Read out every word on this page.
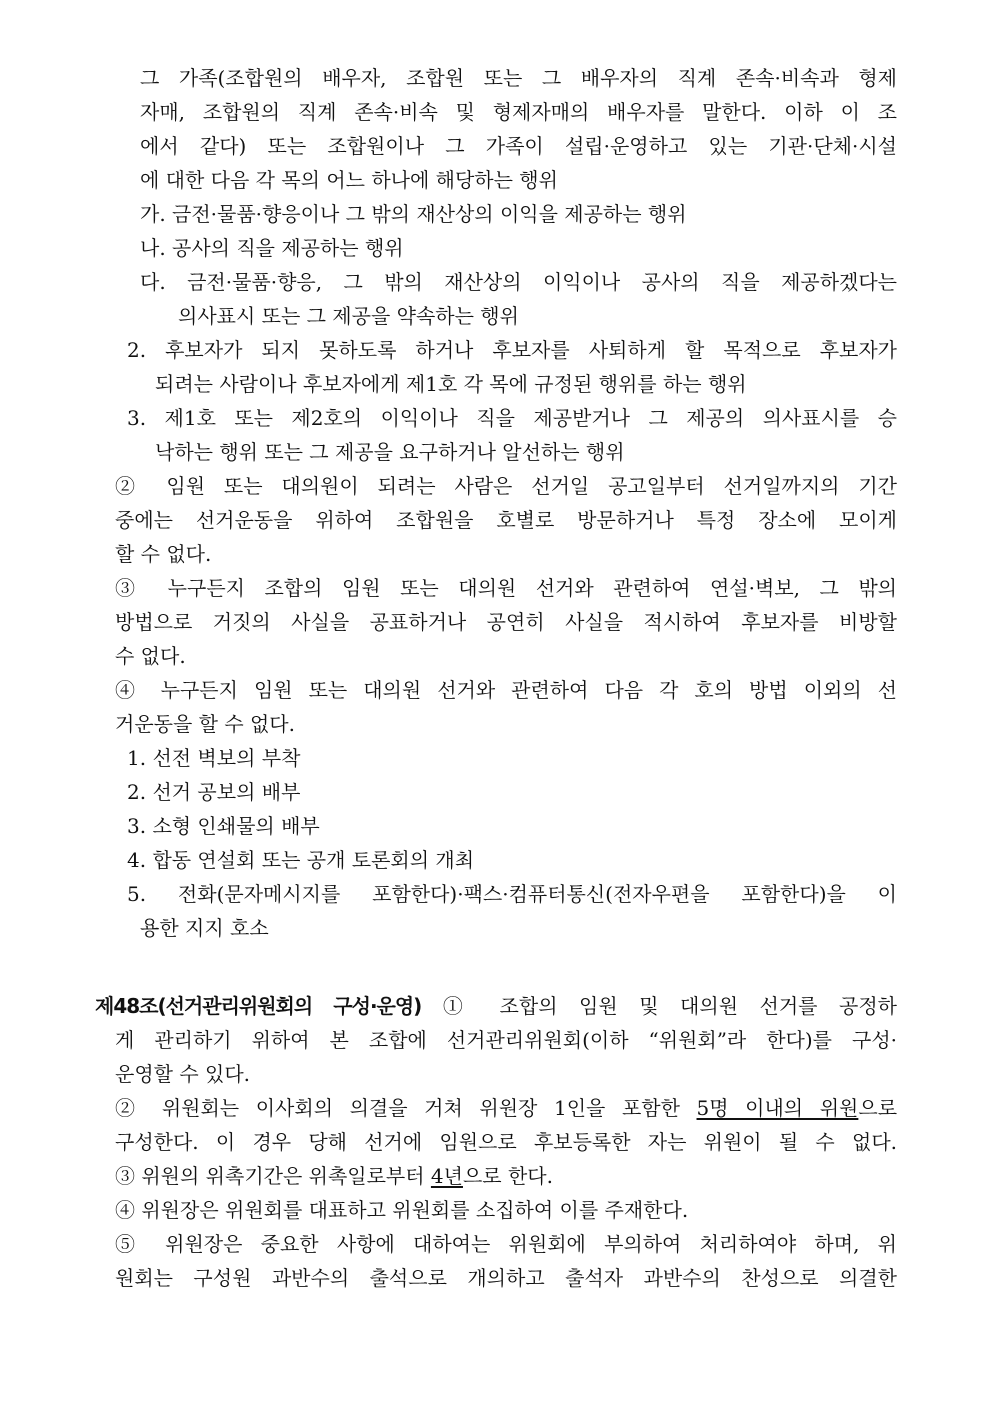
그 가족(조합원의 배우자, 조합원 또는 그 배우자의 직계 존속·비속과 형제
자매, 조합원의 직계 존속·비속 및 형제자매의 배우자를 말한다. 이하 이 조
에서 같다) 또는 조합원이나 그 가족이 설립·운영하고 있는 기관·단체·시설
에 대한 다음 각 목의 어느 하나에 해당하는 행위
가. 금전·물품·향응이나 그 밖의 재산상의 이익을 제공하는 행위
나. 공사의 직을 제공하는 행위
다. 금전·물품·향응, 그 밖의 재산상의 이익이나 공사의 직을 제공하겠다는
의사표시 또는 그 제공을 약속하는 행위
2. 후보자가 되지 못하도록 하거나 후보자를 사퇴하게 할 목적으로 후보자가
되려는 사람이나 후보자에게 제1호 각 목에 규정된 행위를 하는 행위
3. 제1호 또는 제2호의 이익이나 직을 제공받거나 그 제공의 의사표시를 승
낙하는 행위 또는 그 제공을 요구하거나 알선하는 행위
② 임원 또는 대의원이 되려는 사람은 선거일 공고일부터 선거일까지의 기간
중에는 선거운동을 위하여 조합원을 호별로 방문하거나 특정 장소에 모이게
할 수 없다.
③ 누구든지 조합의 임원 또는 대의원 선거와 관련하여 연설·벽보, 그 밖의
방법으로 거짓의 사실을 공표하거나 공연히 사실을 적시하여 후보자를 비방할
수 없다.
④ 누구든지 임원 또는 대의원 선거와 관련하여 다음 각 호의 방법 이외의 선
거운동을 할 수 없다.
1. 선전 벽보의 부착
2. 선거 공보의 배부
3. 소형 인쇄물의 배부
4. 합동 연설회 또는 공개 토론회의 개최
5. 전화(문자메시지를 포함한다)·팩스·컴퓨터통신(전자우편을 포함한다)을 이
용한 지지 호소
제48조(선거관리위원회의 구성·운영) ① 조합의 임원 및 대의원 선거를 공정하
게 관리하기 위하여 본 조합에 선거관리위원회(이하 “위원회”라 한다)를 구성·
운영할 수 있다.
② 위원회는 이사회의 의결을 거쳐 위원장 1인을 포함한 5명 이내의 위원으로
구성한다. 이 경우 당해 선거에 임원으로 후보등록한 자는 위원이 될 수 없다.
③ 위원의 위촉기간은 위촉일로부터 4년으로 한다.
④ 위원장은 위원회를 대표하고 위원회를 소집하여 이를 주재한다.
⑤ 위원장은 중요한 사항에 대하여는 위원회에 부의하여 처리하여야 하며, 위
원회는 구성원 과반수의 출석으로 개의하고 출석자 과반수의 찬성으로 의결한
